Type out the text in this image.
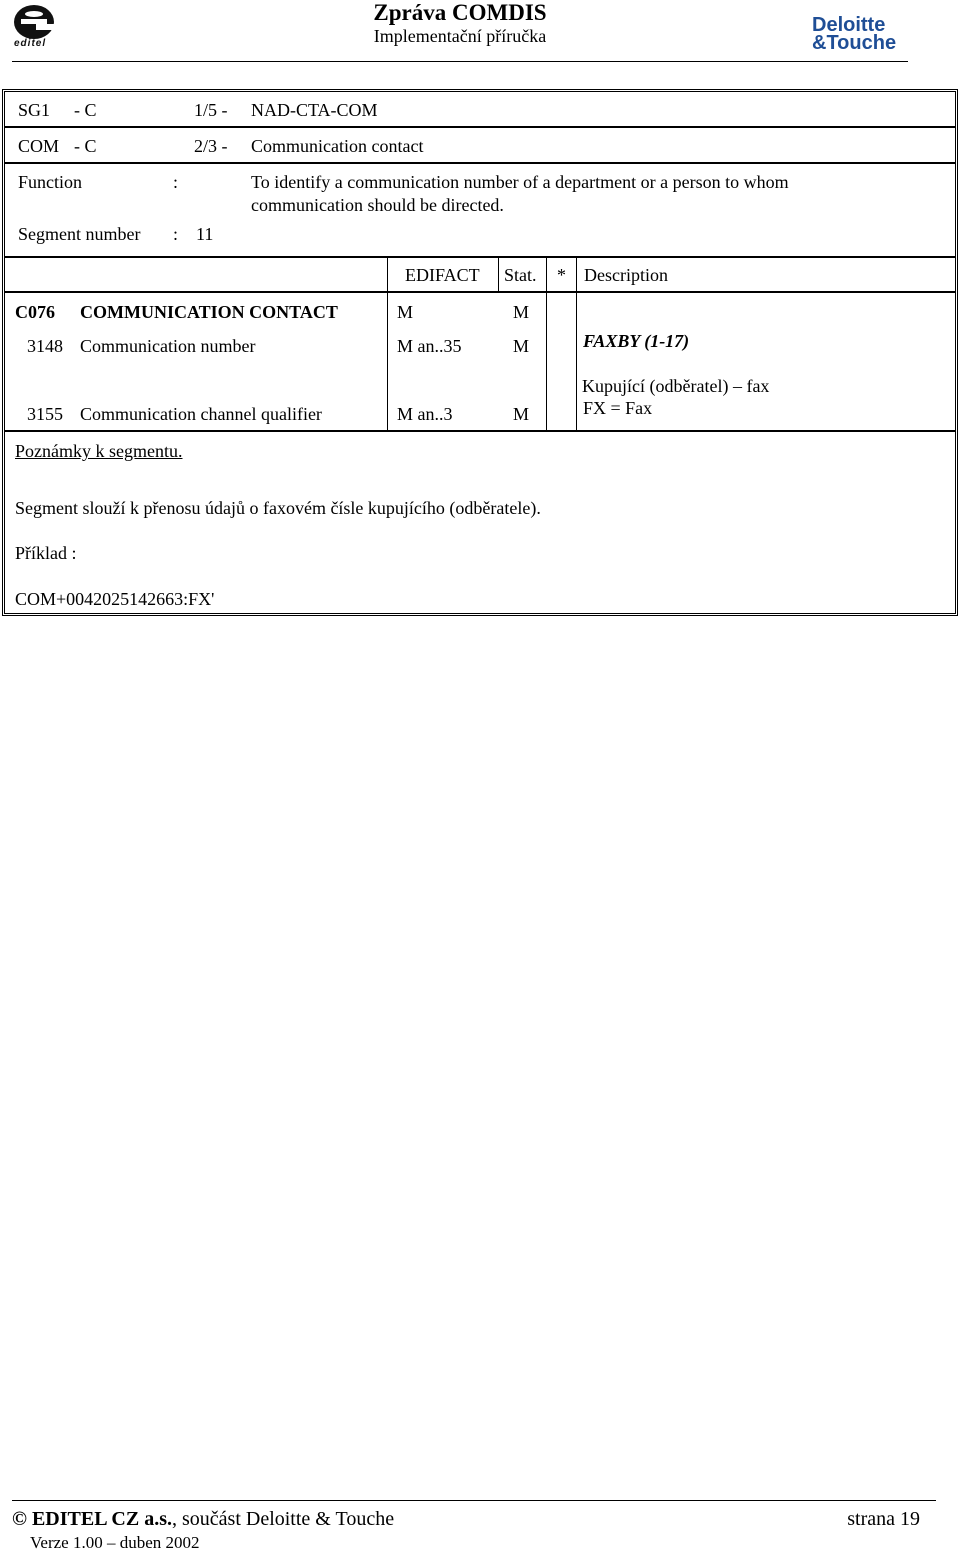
editel
Zpráva COMDIS
Implementační příručka	Deloitte
&Touche
SG1 - C	1/5 - NAD-CTA-COM
COM - C	2/3 - Communication contact
Function	:	To identify a communication number of a department or a person to whom
communication should be directed.
Segment number : 11
EDIFACT Stat. * Description
C076 COMMUNICATION CONTACT	M	M
3148 Communication number	M an..35	M	FAXBY (1-17)
3155 Communication channel qualifier	M an..3	M
Kupující (odběratel) – fax
FX = Fax
Poznámky k segmentu.
Segment slouží k přenosu údajů o faxovém čísle kupujícího (odběratele).
Příklad :
COM+0042025142663:FX'
© EDITEL CZ a.s., součást Deloitte & Touche	strana 19
Verze 1.00 – duben 2002
